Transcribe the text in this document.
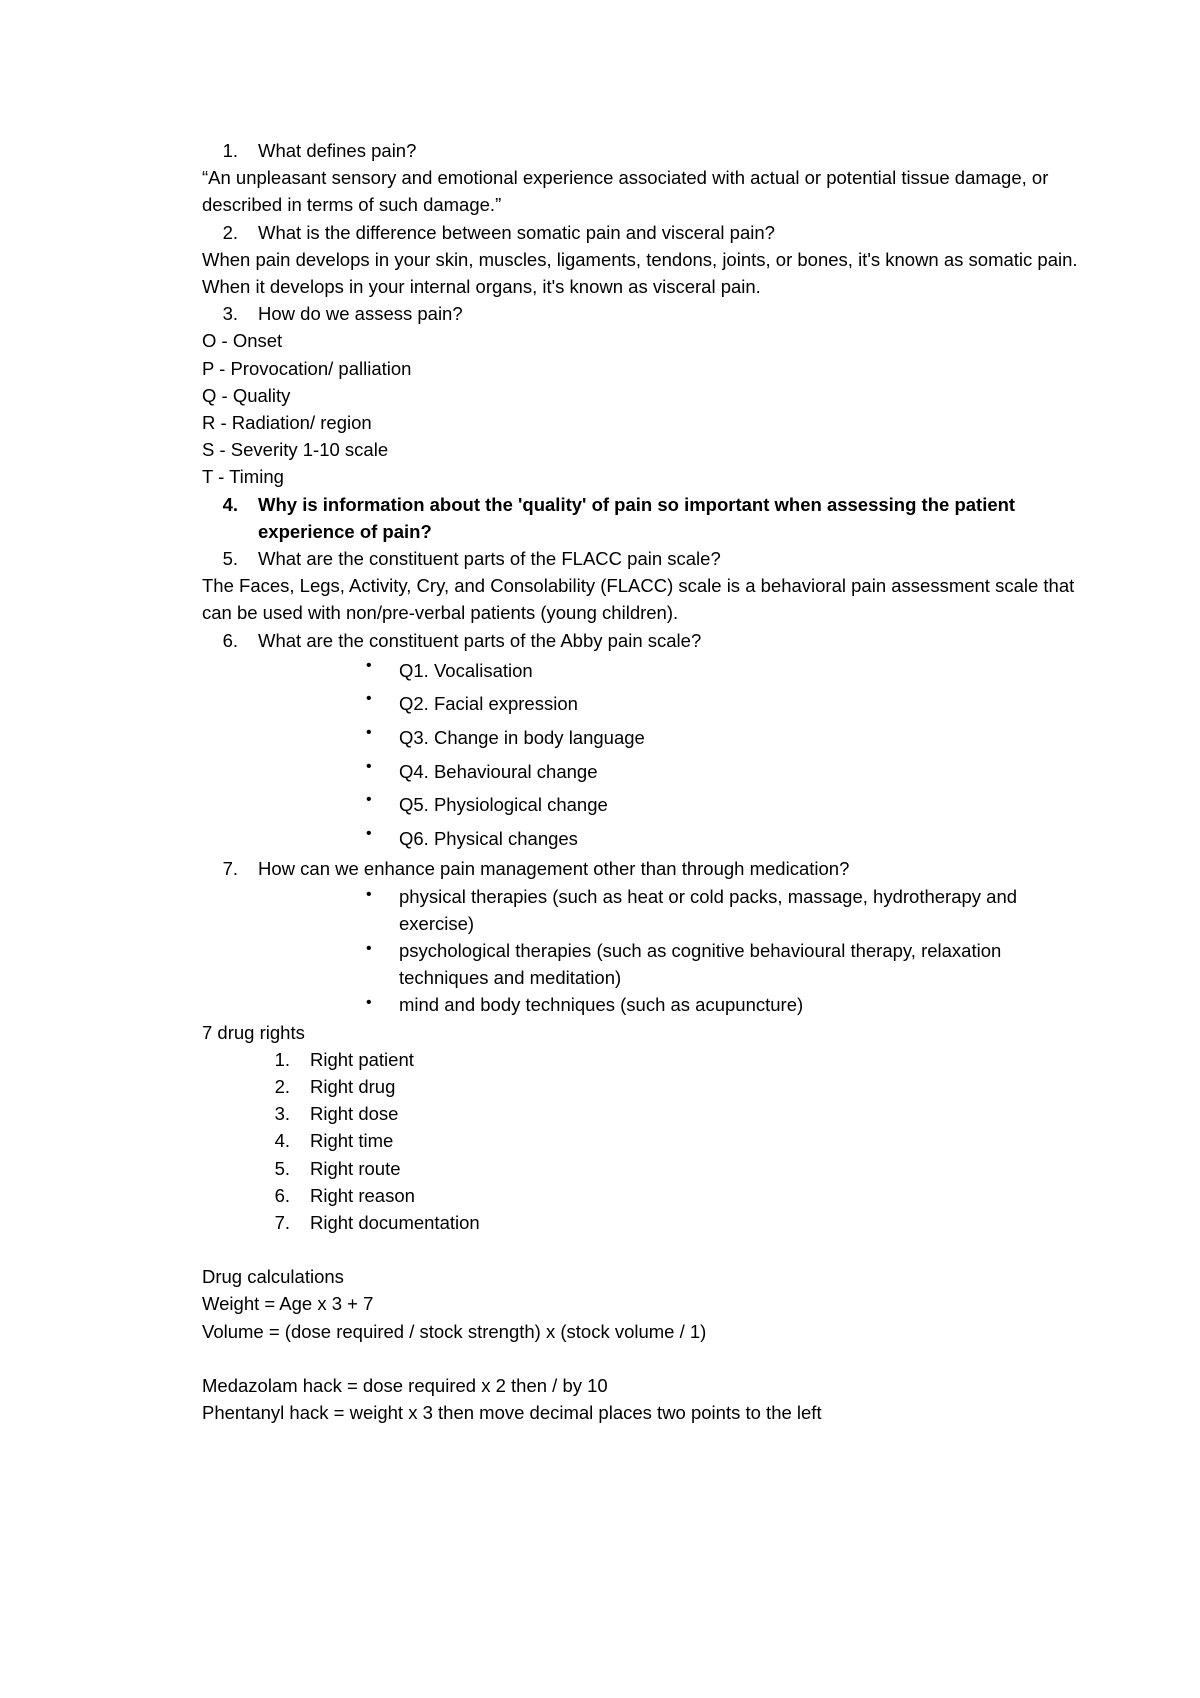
1. What defines pain?
“An unpleasant sensory and emotional experience associated with actual or potential tissue damage, or described in terms of such damage.”
2. What is the difference between somatic pain and visceral pain?
When pain develops in your skin, muscles, ligaments, tendons, joints, or bones, it's known as somatic pain. When it develops in your internal organs, it's known as visceral pain.
3. How do we assess pain?
O - Onset
P - Provocation/ palliation
Q - Quality
R - Radiation/ region
S - Severity 1-10 scale
T - Timing
4. Why is information about the 'quality' of pain so important when assessing the patient experience of pain?
5. What are the constituent parts of the FLACC pain scale?
The Faces, Legs, Activity, Cry, and Consolability (FLACC) scale is a behavioral pain assessment scale that can be used with non/pre-verbal patients (young children).
6. What are the constituent parts of the Abby pain scale?
•	Q1. Vocalisation
•	Q2. Facial expression
•	Q3. Change in body language
•	Q4. Behavioural change
•	Q5. Physiological change
•	Q6. Physical changes
7. How can we enhance pain management other than through medication?
•	physical therapies (such as heat or cold packs, massage, hydrotherapy and exercise)
•	psychological therapies (such as cognitive behavioural therapy, relaxation techniques and meditation)
•	mind and body techniques (such as acupuncture)
7 drug rights
1. Right patient
2. Right drug
3. Right dose
4. Right time
5. Right route
6. Right reason
7. Right documentation
Drug calculations
Weight = Age x 3 + 7
Volume = (dose required / stock strength) x (stock volume / 1)
Medazolam hack = dose required x 2 then / by 10
Phentanyl hack = weight x 3 then move decimal places two points to the left
